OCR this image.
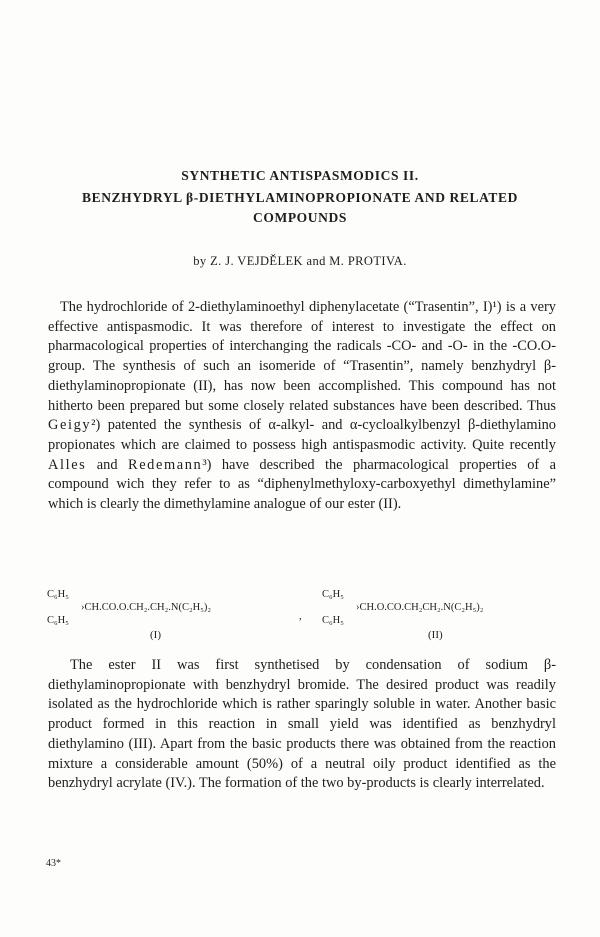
SYNTHETIC ANTISPASMODICS II.
BENZHYDRYL β-DIETHYLAMINOPROPIONATE AND RELATED COMPOUNDS
by Z. J. VEJDĚLEK and M. PROTIVA.

The hydrochloride of 2-diethylaminoethyl diphenylacetate (“Trasentin”, I)¹) is a very effective antispasmodic. It was therefore of interest to investigate the effect on pharmacological properties of interchanging the radicals -CO- and -O- in the -CO.O- group. The synthesis of such an isomeride of “Trasentin”, namely benzhydryl β-diethylaminopropionate (II), has now been accomplished. This compound has not hitherto been prepared but some closely related substances have been described. Thus Geigy²) patented the synthesis of α-alkyl- and α-cycloalkylbenzyl β-diethylamino propionates which are claimed to possess high antispasmodic activity. Quite recently Alles and Redemann³) have described the pharmacological properties of a compound wich they refer to as “diphenylmethyloxy-carboxyethyl dimethylamine” which is clearly the dimethylamine analogue of our ester (II).

C₆H₅
C₆H₅
›CH.CO.O.CH₂.CH₂.N(C₂H₅)₂
(I)
,
C₆H₅
C₆H₅
›CH.O.CO.CH₂CH₂.N(C₂H₅)₂
(II)

The ester II was first synthetised by condensation of sodium β-diethylaminopropionate with benzhydryl bromide. The desired product was readily isolated as the hydrochloride which is rather sparingly soluble in water. Another basic product formed in this reaction in small yield was identified as benzhydryl diethylamino (III). Apart from the basic products there was obtained from the reaction mixture a considerable amount (50%) of a neutral oily product identified as the benzhydryl acrylate (IV.). The formation of the two by-products is clearly interrelated.

43*
